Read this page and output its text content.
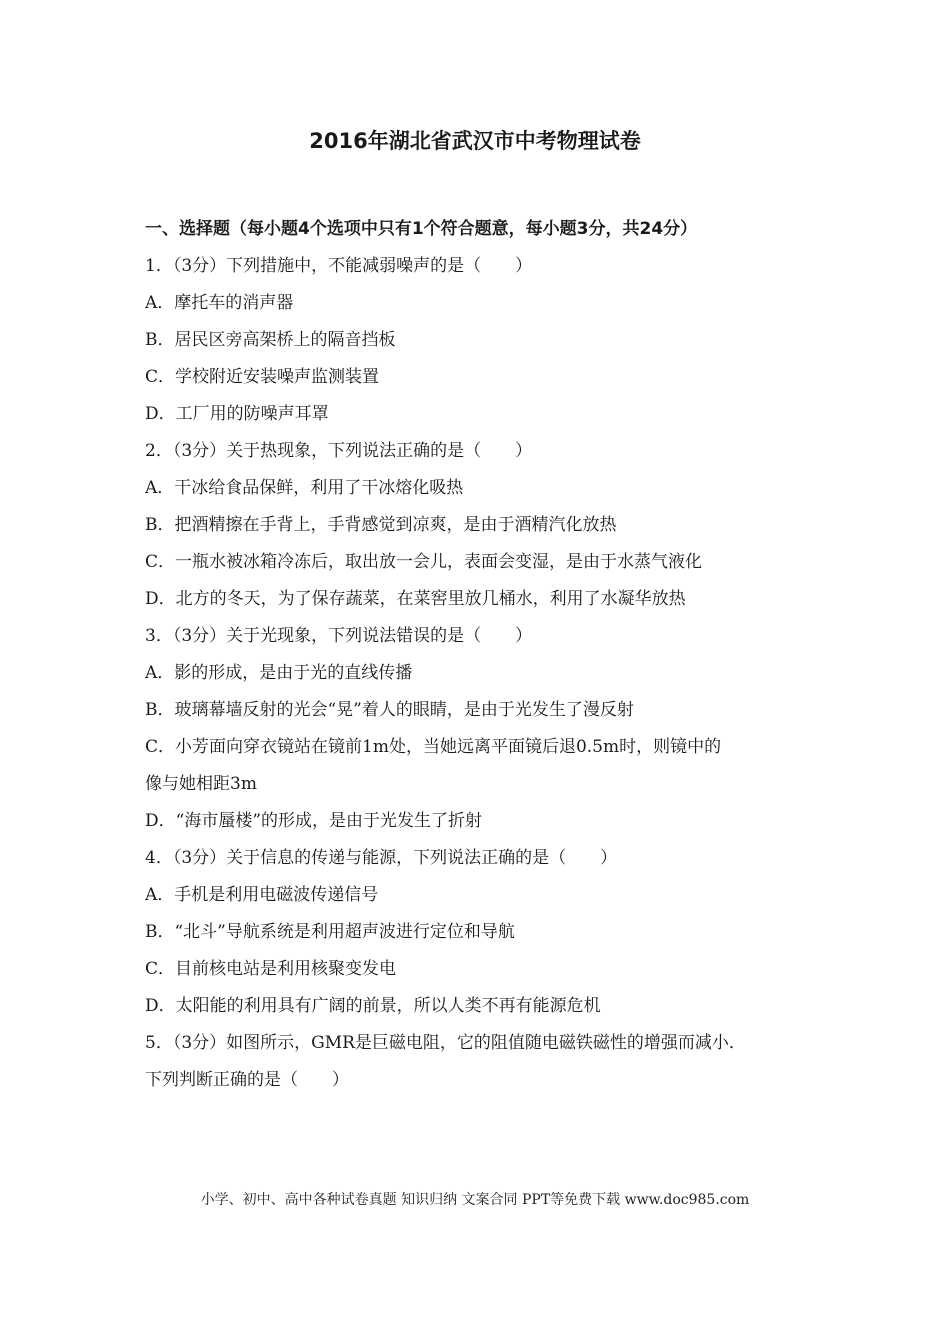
2016年湖北省武汉市中考物理试卷
一、选择题（每小题4个选项中只有1个符合题意，每小题3分，共24分）
1．（3分）下列措施中，不能减弱噪声的是（　　）
A．摩托车的消声器
B．居民区旁高架桥上的隔音挡板
C．学校附近安装噪声监测装置
D．工厂用的防噪声耳罩
2．（3分）关于热现象，下列说法正确的是（　　）
A．干冰给食品保鲜，利用了干冰熔化吸热
B．把酒精擦在手背上，手背感觉到凉爽，是由于酒精汽化放热
C．一瓶水被冰箱冷冻后，取出放一会儿，表面会变湿，是由于水蒸气液化
D．北方的冬天，为了保存蔬菜，在菜窖里放几桶水，利用了水凝华放热
3．（3分）关于光现象，下列说法错误的是（　　）
A．影的形成，是由于光的直线传播
B．玻璃幕墙反射的光会“晃”着人的眼睛，是由于光发生了漫反射
C．小芳面向穿衣镜站在镜前1m处，当她远离平面镜后退0.5m时，则镜中的
像与她相距3m
D．“海市蜃楼”的形成，是由于光发生了折射
4．（3分）关于信息的传递与能源，下列说法正确的是（　　）
A．手机是利用电磁波传递信号
B．“北斗”导航系统是利用超声波进行定位和导航
C．目前核电站是利用核聚变发电
D．太阳能的利用具有广阔的前景，所以人类不再有能源危机
5．（3分）如图所示，GMR是巨磁电阻，它的阻值随电磁铁磁性的增强而减小．
下列判断正确的是（　　）
小学、初中、高中各种试卷真题 知识归纳 文案合同 PPT等免费下载 www.doc985.com
